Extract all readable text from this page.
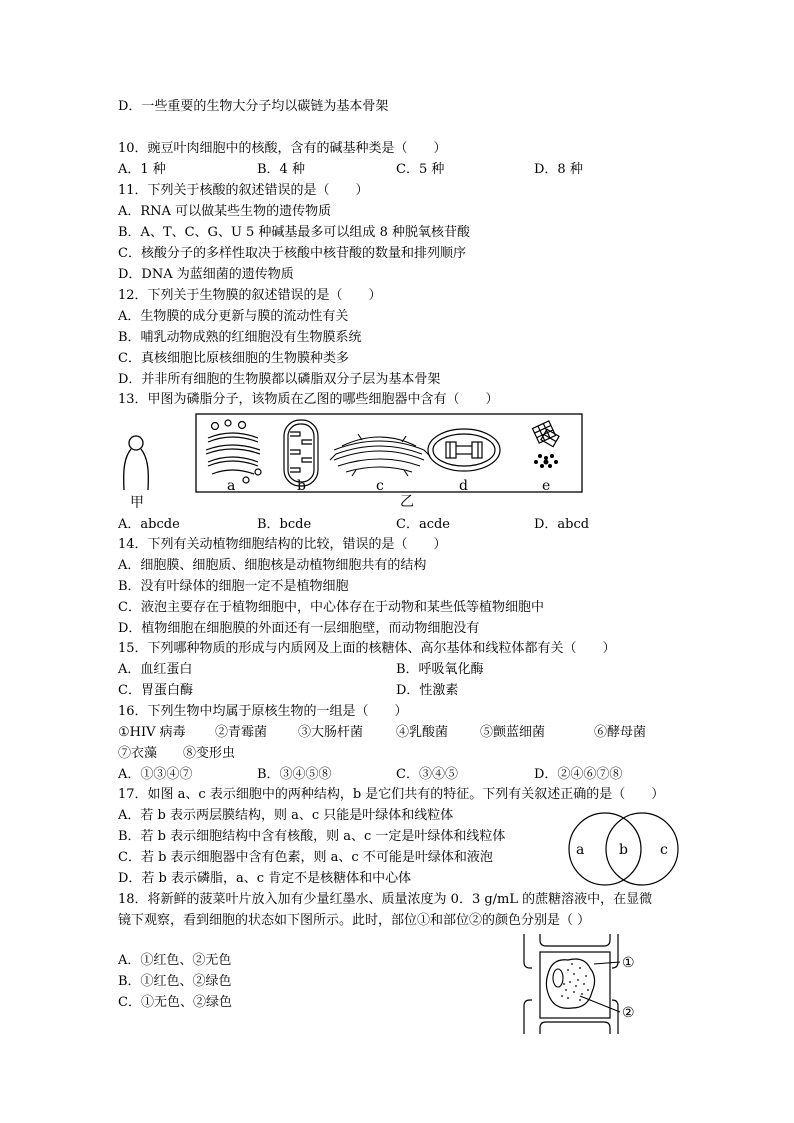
D．一些重要的生物大分子均以碳链为基本骨架
10．豌豆叶肉细胞中的核酸，含有的碱基种类是（　　）
A．1 种	B．4 种	C．5 种	D．8 种
11．下列关于核酸的叙述错误的是（　　）
A．RNA 可以做某些生物的遗传物质
B．A、T、C、G、U 5 种碱基最多可以组成 8 种脱氧核苷酸
C．核酸分子的多样性取决于核酸中核苷酸的数量和排列顺序
D．DNA 为蓝细菌的遗传物质
12．下列关于生物膜的叙述错误的是（　　）
A．生物膜的成分更新与膜的流动性有关
B．哺乳动物成熟的红细胞没有生物膜系统
C．真核细胞比原核细胞的生物膜种类多
D．并非所有细胞的生物膜都以磷脂双分子层为基本骨架
13．甲图为磷脂分子，该物质在乙图的哪些细胞器中含有（　　）
甲
a	b	c	d	e
乙
A．abcde	B．bcde	C．acde	D．abcd
14．下列有关动植物细胞结构的比较，错误的是（　　）
A．细胞膜、细胞质、细胞核是动植物细胞共有的结构
B．没有叶绿体的细胞一定不是植物细胞
C．液泡主要存在于植物细胞中，中心体存在于动物和某些低等植物细胞中
D．植物细胞在细胞膜的外面还有一层细胞壁，而动物细胞没有
15．下列哪种物质的形成与内质网及上面的核糖体、高尔基体和线粒体都有关（　　）
A．血红蛋白	B．呼吸氧化酶
C．胃蛋白酶	D．性激素
16．下列生物中均属于原核生物的一组是（　　）
①HIV 病毒 ②青霉菌 ③大肠杆菌	④乳酸菌 ⑤颤蓝细菌	⑥酵母菌
⑦衣藻　　⑧变形虫
A．①③④⑦	B．③④⑤⑧	C．③④⑤	D．②④⑥⑦⑧
17．如图 a、c 表示细胞中的两种结构，b 是它们共有的特征。下列有关叙述正确的是（　　）
A．若 b 表示两层膜结构，则 a、c 只能是叶绿体和线粒体
B．若 b 表示细胞结构中含有核酸，则 a、c 一定是叶绿体和线粒体
C．若 b 表示细胞器中含有色素，则 a、c 不可能是叶绿体和液泡
D．若 b 表示磷脂，a、c 肯定不是核糖体和中心体
a b c
18．将新鲜的菠菜叶片放入加有少量红墨水、质量浓度为 0．3 g/mL 的蔗糖溶液中，在显微
镜下观察，看到细胞的状态如下图所示。此时，部位①和部位②的颜色分别是（ ）
A．①红色、②无色
B．①红色、②绿色
C．①无色、②绿色
①
②
